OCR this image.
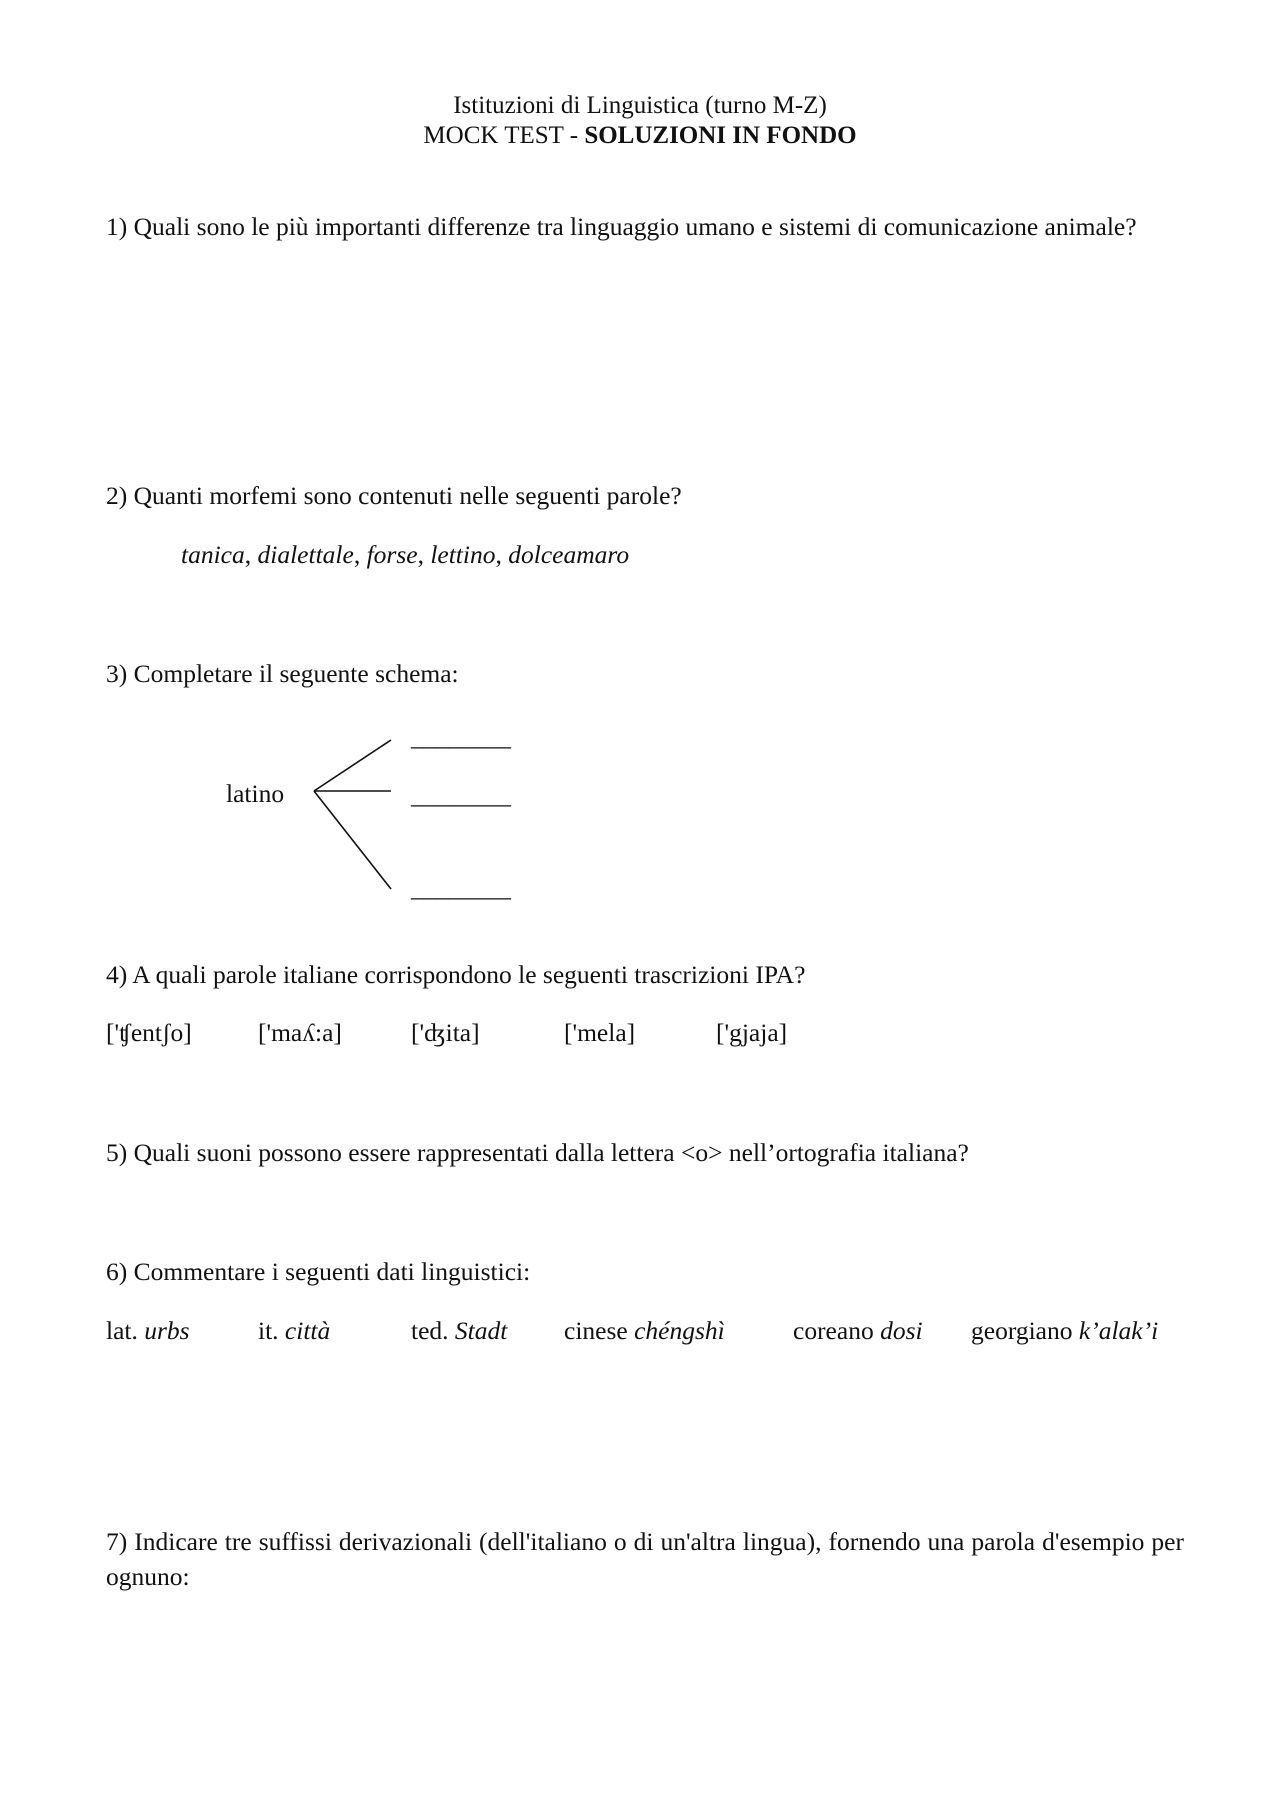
Istituzioni di Linguistica (turno M-Z)
MOCK TEST - SOLUZIONI IN FONDO
1) Quali sono le più importanti differenze tra linguaggio umano e sistemi di comunicazione animale?
2) Quanti morfemi sono contenuti nelle seguenti parole?
tanica, dialettale, forse, lettino, dolceamaro
3) Completare il seguente schema:
latino
________
________
________
4) A quali parole italiane corrispondono le seguenti trascrizioni IPA?
['ʧentʃo]	['maʎ:a]	['ʤita]	['mela]	['gjaja]
5) Quali suoni possono essere rappresentati dalla lettera <o> nell’ortografia italiana?
6) Commentare i seguenti dati linguistici:
lat. urbs	it. città	ted. Stadt cinese chéngshì	coreano dosi georgiano k’alak’i
7) Indicare tre suffissi derivazionali (dell'italiano o di un'altra lingua), fornendo una parola d'esempio per ognuno:
